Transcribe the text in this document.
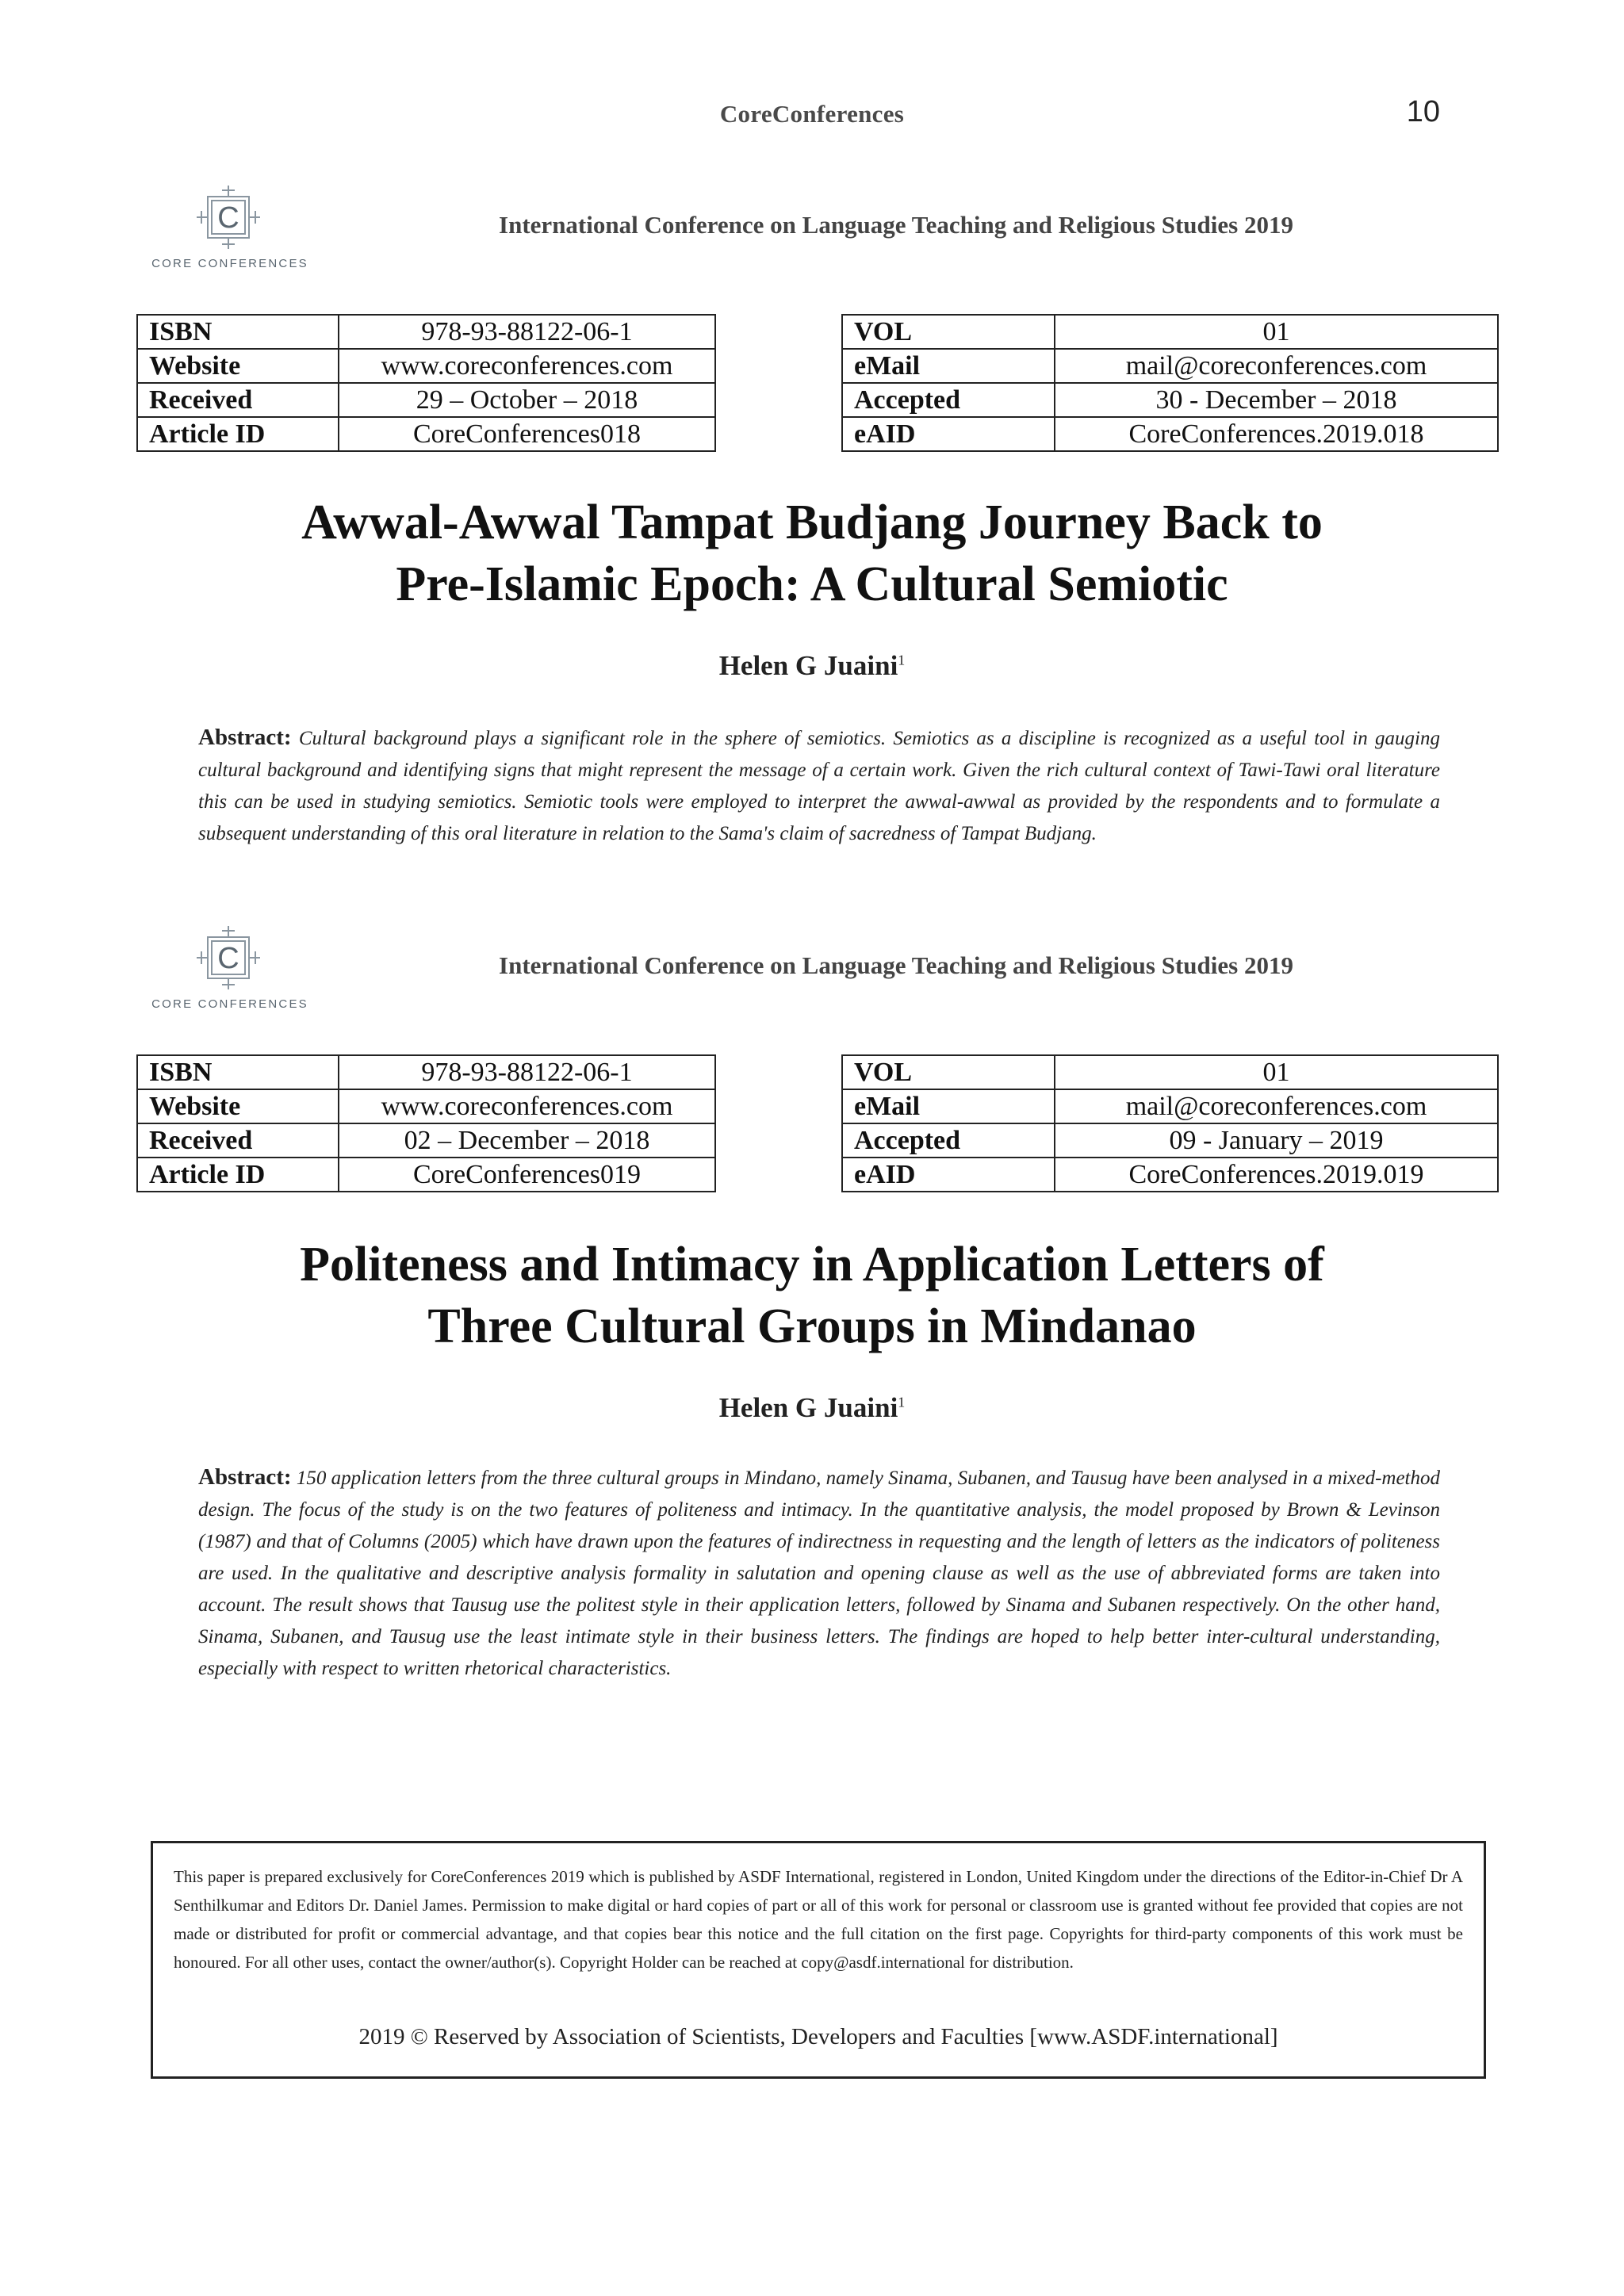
CoreConferences	10
C
CORE CONFERENCES
International Conference on Language Teaching and Religious Studies 2019
ISBN	978-93-88122-06-1
Website	www.coreconferences.com
Received	29 – October – 2018
Article ID	CoreConferences018
VOL	01
eMail	mail@coreconferences.com
Accepted	30 - December – 2018
eAID	CoreConferences.2019.018
Awwal-Awwal Tampat Budjang Journey Back to
Pre-Islamic Epoch: A Cultural Semiotic
Helen G Juaini$^1$
Abstract: Cultural background plays a significant role in the sphere of semiotics. Semiotics as a discipline is recognized as a useful tool in gauging cultural background and identifying signs that might represent the message of a certain work. Given the rich cultural context of Tawi-Tawi oral literature this can be used in studying semiotics. Semiotic tools were employed to interpret the awwal-awwal as provided by the respondents and to formulate a subsequent understanding of this oral literature in relation to the Sama's claim of sacredness of Tampat Budjang.
C
CORE CONFERENCES
International Conference on Language Teaching and Religious Studies 2019
ISBN	978-93-88122-06-1
Website	www.coreconferences.com
Received	02 – December – 2018
Article ID	CoreConferences019
VOL	01
eMail	mail@coreconferences.com
Accepted	09 - January – 2019
eAID	CoreConferences.2019.019
Politeness and Intimacy in Application Letters of
Three Cultural Groups in Mindanao
Helen G Juaini$^1$
Abstract: 150 application letters from the three cultural groups in Mindano, namely Sinama, Subanen, and Tausug have been analysed in a mixed-method design. The focus of the study is on the two features of politeness and intimacy. In the quantitative analysis, the model proposed by Brown & Levinson (1987) and that of Columns (2005) which have drawn upon the features of indirectness in requesting and the length of letters as the indicators of politeness are used. In the qualitative and descriptive analysis formality in salutation and opening clause as well as the use of abbreviated forms are taken into account. The result shows that Tausug use the politest style in their application letters, followed by Sinama and Subanen respectively. On the other hand, Sinama, Subanen, and Tausug use the least intimate style in their business letters. The findings are hoped to help better inter-cultural understanding, especially with respect to written rhetorical characteristics.
This paper is prepared exclusively for CoreConferences 2019 which is published by ASDF International, registered in London, United Kingdom under the directions of the Editor-in-Chief Dr A Senthilkumar and Editors Dr. Daniel James. Permission to make digital or hard copies of part or all of this work for personal or classroom use is granted without fee provided that copies are not made or distributed for profit or commercial advantage, and that copies bear this notice and the full citation on the first page. Copyrights for third-party components of this work must be honoured. For all other uses, contact the owner/author(s). Copyright Holder can be reached at copy@asdf.international for distribution.
2019 © Reserved by Association of Scientists, Developers and Faculties [www.ASDF.international]
